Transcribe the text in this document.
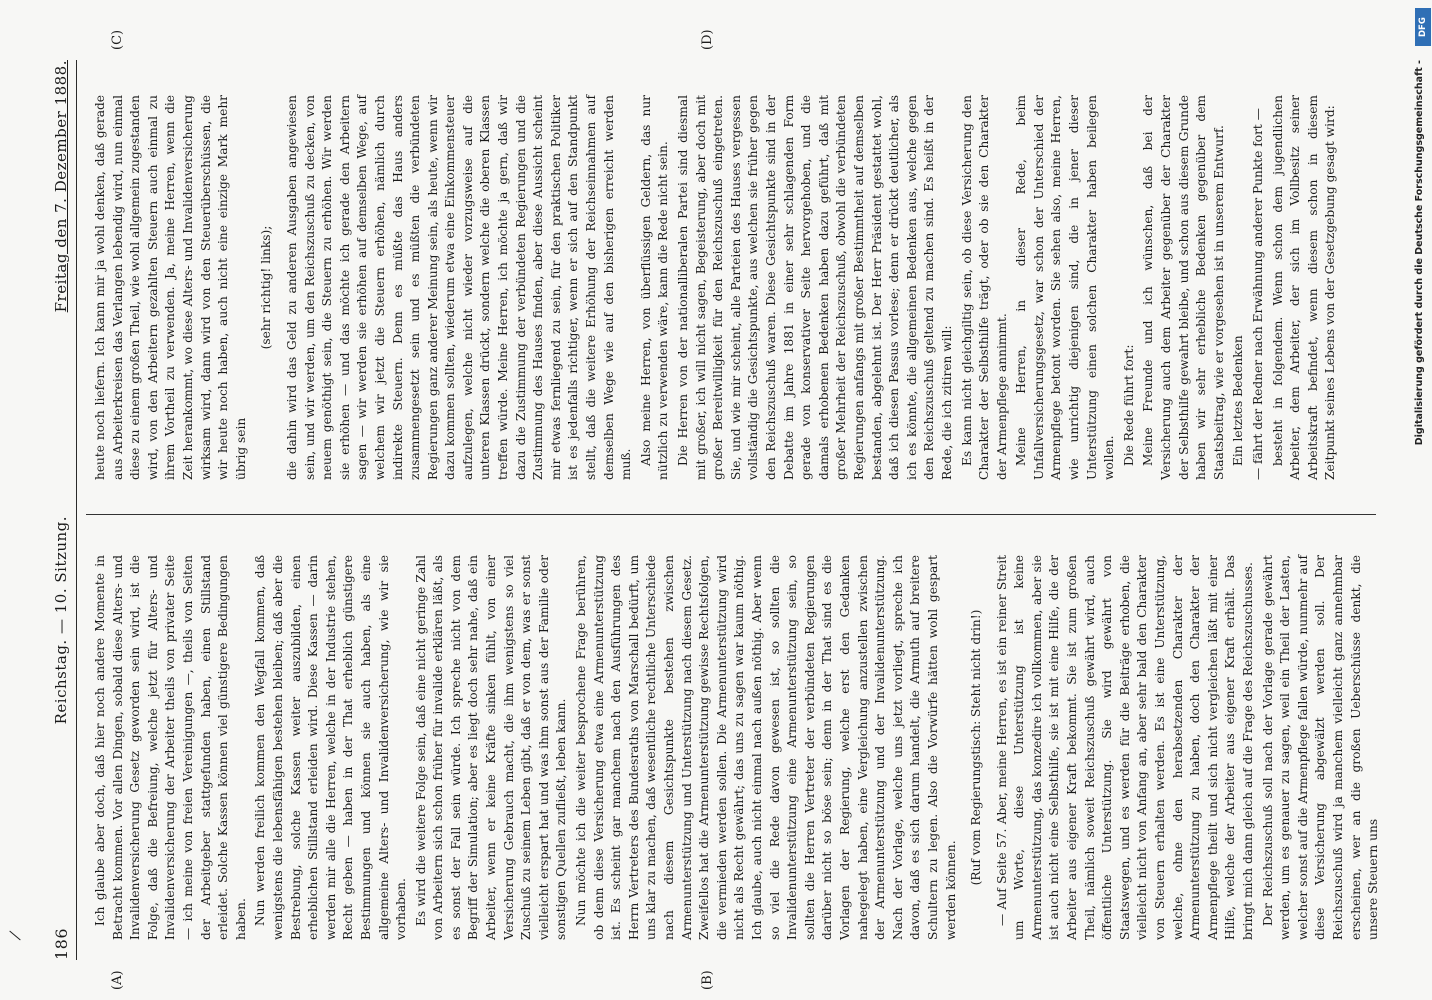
186
Reichstag. — 10. Sitzung.
Freitag den 7. Dezember 1888.
(A)	(B)
(C)	(D)

Ich glaube aber doch, daß hier noch andere Momente in Betracht kommen. Vor allen Dingen, sobald diese Alters- und Invalidenversicherung Gesetz geworden sein wird, ist die Folge, daß die Befreiung, welche jetzt für Alters- und Invalidenversicherung der Arbeiter theils von privater Seite — ich meine von freien Vereinigungen —, theils von Seiten der Arbeitgeber stattgefunden haben, einen Stillstand erleidet. Solche Kassen können viel günstigere Bedingungen haben. Nun werden freilich kommen den Wegfall kommen, daß wenigstens die lebensfähigen bestehen bleiben; daß aber die Bestrebung, solche Kassen weiter auszubilden, einen erheblichen Stillstand erleiden wird. Diese Kassen — darin werden mir alle die Herren, welche in der Industrie stehen, Recht geben — haben in der That erheblich günstigere Bestimmungen und können sie auch haben, als eine allgemeine Alters- und Invalidenversicherung, wie wir sie vorhaben. Es wird die weitere Folge sein, daß eine nicht geringe Zahl von Arbeitern sich schon früher für invalide erklären läßt, als es sonst der Fall sein würde. Ich spreche nicht von dem Begriff der Simulation; aber es liegt doch sehr nahe, daß ein Arbeiter, wenn er keine Kräfte sinken fühlt, von einer Versicherung Gebrauch macht, die ihm wenigstens so viel Zuschuß zu seinem Leben gibt, daß er von dem, was er sonst vielleicht erspart hat und was ihm sonst aus der Familie oder sonstigen Quellen zufließt, leben kann. Nun möchte ich die weiter besprochene Frage berühren, ob denn diese Versicherung etwa eine Armenunterstützung ist. Es scheint gar manchem nach den Ausführungen des Herrn Vertreters des Bundesraths von Marschall bedürft, um uns klar zu machen, daß wesentliche rechtliche Unterschiede nach diesem Gesichtspunkte bestehen zwischen Armenunterstützung und Unterstützung nach diesem Gesetz. Zweifellos hat die Armenunterstützung gewisse Rechtsfolgen, die vermieden werden sollen. Die Armenunterstützung wird nicht als Recht gewährt; das uns zu sagen war kaum nöthig. Ich glaube, auch nicht einmal nach außen nöthig. Aber wenn so viel die Rede davon gewesen ist, so sollten die Invalidenunterstützung eine Armenunterstützung sein, so sollten die Herren Vertreter der verbündeten Regierungen darüber nicht so böse sein; denn in der That sind es die Vorlagen der Regierung, welche erst den Gedanken nahegelegt haben, eine Vergleichung anzustellen zwischen der Armenunterstützung und der Invalidenunterstützung. Nach der Vorlage, welche uns jetzt vorliegt, spreche ich davon, daß es sich darum handelt, die Armuth auf breitere Schultern zu legen. Also die Vorwürfe hätten wohl gespart werden können.

(Ruf vom Regierungstisch: Steht nicht drin!) — Auf Seite 57. Aber, meine Herren, es ist ein reiner Streit um Worte, diese Unterstützung ist keine Armenunterstützung, das konzedire ich vollkommen, aber sie ist auch nicht eine Selbsthilfe, sie ist mit eine Hilfe, die der Arbeiter aus eigener Kraft bekommt. Sie ist zum großen Theil, nämlich soweit Reichszuschuß gewährt wird, auch öffentliche Unterstützung. Sie wird gewährt von Staatswegen, und es werden für die Beiträge erhoben, die vielleicht nicht von Anfang an, aber sehr bald den Charakter von Steuern erhalten werden. Es ist eine Unterstützung, welche, ohne den herabsetzenden Charakter der Armenunterstützung zu haben, doch den Charakter der Armenpflege theilt und sich nicht vergleichen läßt mit einer Hilfe, welche der Arbeiter aus eigener Kraft erhält. Das bringt mich dann gleich auf die Frage des Reichszuschusses. Der Reichszuschuß soll nach der Vorlage gerade gewährt werden, um es genauer zu sagen, weil ein Theil der Lasten, welcher sonst auf die Armenpflege fallen würde, nunmehr auf diese Versicherung abgewälzt werden soll. Der Reichszuschuß wird ja manchem vielleicht ganz annehmbar erscheinen, wer an die großen Ueberschüsse denkt, die unsere Steuern uns

heute noch liefern. Ich kann mir ja wohl denken, daß gerade aus Arbeiterkreisen das Verlangen lebendig wird, nun einmal diese zu einem großen Theil, wie wohl allgemein zugestanden wird, von den Arbeitern gezahlten Steuern auch einmal zu ihrem Vortheil zu verwenden. Ja, meine Herren, wenn die Zeit herankommt, wo diese Alters- und Invalidenversicherung wirksam wird, dann wird von den Steuerüberschüssen, die wir heute noch haben, auch nicht eine einzige Mark mehr übrig sein

(sehr richtig! links); die dahin wird das Geld zu anderen Ausgaben angewiesen sein, und wir werden, um den Reichszuschuß zu decken, von neuem genöthigt sein, die Steuern zu erhöhen. Wir werden sie erhöhen — und das möchte ich gerade den Arbeitern sagen — wir werden sie erhöhen auf demselben Wege, auf welchem wir jetzt die Steuern erhöhen, nämlich durch indirekte Steuern. Denn es müßte das Haus anders zusammengesetzt sein und es müßten die verbündeten Regierungen ganz anderer Meinung sein, als heute, wenn wir dazu kommen sollten, wiederum etwa eine Einkommensteuer aufzulegen, welche nicht wieder vorzugsweise auf die unteren Klassen drückt, sondern welche die oberen Klassen treffen würde. Meine Herren, ich möchte ja gern, daß wir dazu die Zustimmung der verbündeten Regierungen und die Zustimmung des Hauses finden, aber diese Aussicht scheint mir etwas fernliegend zu sein, für den praktischen Politiker ist es jedenfalls richtiger, wenn er sich auf den Standpunkt stellt, daß die weitere Erhöhung der Reichseinnahmen auf demselben Wege wie auf den bisherigen erreicht werden muß. Also meine Herren, von überflüssigen Geldern, das nur nützlich zu verwenden wäre, kann die Rede nicht sein. Die Herren von der nationalliberalen Partei sind diesmal mit großer, ich will nicht sagen, Begeisterung, aber doch mit großer Bereitwilligkeit für den Reichszuschuß eingetreten. Sie, und wie mir scheint, alle Parteien des Hauses vergessen vollständig die Gesichtspunkte, aus welchen sie früher gegen den Reichszuschuß waren. Diese Gesichtspunkte sind in der Debatte im Jahre 1881 in einer sehr schlagenden Form gerade von konservativer Seite hervorgehoben, und die damals erhobenen Bedenken haben dazu geführt, daß mit großer Mehrheit der Reichszuschuß, obwohl die verbündeten Regierungen anfangs mit großer Bestimmtheit auf demselben bestanden, abgelehnt ist. Der Herr Präsident gestattet wohl, daß ich diesen Passus vorlese; denn er drückt deutlicher, als ich es könnte, die allgemeinen Bedenken aus, welche gegen den Reichszuschuß geltend zu machen sind. Es heißt in der Rede, die ich zitiren will: Es kann nicht gleichgiltig sein, ob diese Versicherung den Charakter der Selbsthilfe trägt, oder ob sie den Charakter der Armenpflege annimmt. Meine Herren, in dieser Rede, beim Unfallversicherungsgesetz, war schon der Unterschied der Armenpflege betont worden. Sie sehen also, meine Herren, wie unrichtig diejenigen sind, die in jener dieser Unterstützung einen solchen Charakter haben beilegen wollen. Die Rede führt fort: Meine Freunde und ich wünschen, daß bei der Versicherung auch dem Arbeiter gegenüber der Charakter der Selbsthilfe gewahrt bleibe, und schon aus diesem Grunde haben wir sehr erhebliche Bedenken gegenüber dem Staatsbeitrag, wie er vorgesehen ist in unserem Entwurf. Ein letztes Bedenken — fährt der Redner nach Erwähnung anderer Punkte fort — besteht in folgendem. Wenn schon dem jugendlichen Arbeiter, dem Arbeiter, der sich im Vollbesitz seiner Arbeitskraft befindet, wenn diesem schon in diesem Zeitpunkt seines Lebens von der Gesetzgebung gesagt wird:

DFG
Digitalisierung gefördert durch die Deutsche Forschungsgemeinschaft -
